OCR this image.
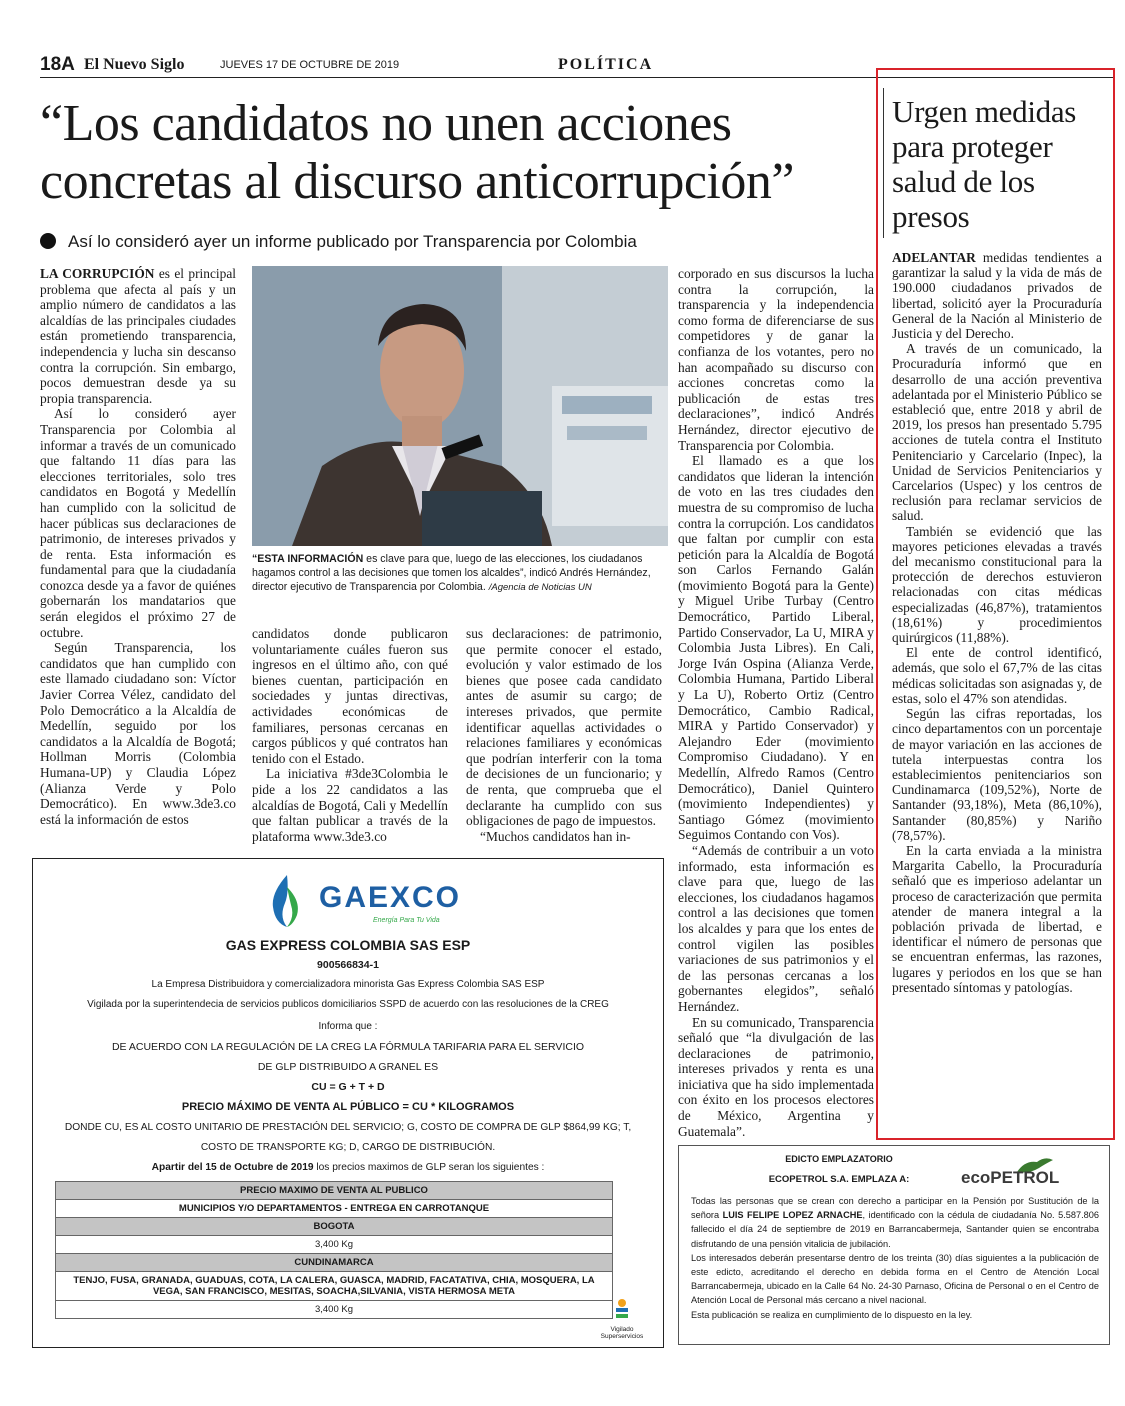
18A El Nuevo Siglo	JUEVES 17 DE OCTUBRE DE 2019	POLÍTICA
“Los candidatos no unen acciones concretas al discurso anticorrupción”
Así lo consideró ayer un informe publicado por Transparencia por Colombia

LA CORRUPCIÓN es el principal problema que afecta al país y un amplio número de candidatos a las alcaldías de las principales ciudades están prometiendo transparencia, independencia y lucha sin descanso contra la corrupción. Sin embargo, pocos demuestran desde ya su propia transparencia.

Así lo consideró ayer Transparencia por Colombia al informar a través de un comunicado que faltando 11 días para las elecciones territoriales, solo tres candidatos en Bogotá y Medellín han cumplido con la solicitud de hacer públicas sus declaraciones de patrimonio, de intereses privados y de renta. Esta información es fundamental para que la ciudadanía conozca desde ya a favor de quiénes gobernarán los mandatarios que serán elegidos el próximo 27 de octubre.

Según Transparencia, los candidatos que han cumplido con este llamado ciudadano son: Víctor Javier Correa Vélez, candidato del Polo Democrático a la Alcaldía de Medellín, seguido por los candidatos a la Alcaldía de Bogotá; Hollman Morris (Colombia Humana-UP) y Claudia López (Alianza Verde y Polo Democrático). En www.3de3.co está la información de estos

“ESTA INFORMACIÓN es clave para que, luego de las elecciones, los ciudadanos hagamos control a las decisiones que tomen los alcaldes”, indicó Andrés Hernández, director ejecutivo de Transparencia por Colombia. /Agencia de Noticias UN

candidatos donde publicaron voluntariamente cuáles fueron sus ingresos en el último año, con qué bienes cuentan, participación en sociedades y juntas directivas, actividades económicas de familiares, personas cercanas en cargos públicos y qué contratos han tenido con el Estado.

La iniciativa #3de3Colombia le pide a los 22 candidatos a las alcaldías de Bogotá, Cali y Medellín que faltan publicar a través de la plataforma www.3de3.co

sus declaraciones: de patrimonio, que permite conocer el estado, evolución y valor estimado de los bienes que posee cada candidato antes de asumir su cargo; de intereses privados, que permite identificar aquellas actividades o relaciones familiares y económicas que podrían interferir con la toma de decisiones de un funcionario; y de renta, que comprueba que el declarante ha cumplido con sus obligaciones de pago de impuestos.

“Muchos candidatos han in-

corporado en sus discursos la lucha contra la corrupción, la transparencia y la independencia como forma de diferenciarse de sus competidores y de ganar la confianza de los votantes, pero no han acompañado su discurso con acciones concretas como la publicación de estas tres declaraciones”, indicó Andrés Hernández, director ejecutivo de Transparencia por Colombia.

El llamado es a que los candidatos que lideran la intención de voto en las tres ciudades den muestra de su compromiso de lucha contra la corrupción. Los candidatos que faltan por cumplir con esta petición para la Alcaldía de Bogotá son Carlos Fernando Galán (movimiento Bogotá para la Gente) y Miguel Uribe Turbay (Centro Democrático, Partido Liberal, Partido Conservador, La U, MIRA y Colombia Justa Libres). En Cali, Jorge Iván Ospina (Alianza Verde, Colombia Humana, Partido Liberal y La U), Roberto Ortiz (Centro Democrático, Cambio Radical, MIRA y Partido Conservador) y Alejandro Eder (movimiento Compromiso Ciudadano). Y en Medellín, Alfredo Ramos (Centro Democrático), Daniel Quintero (movimiento Independientes) y Santiago Gómez (movimiento Seguimos Contando con Vos).

“Además de contribuir a un voto informado, esta información es clave para que, luego de las elecciones, los ciudadanos hagamos control a las decisiones que tomen los alcaldes y para que los entes de control vigilen las posibles variaciones de sus patrimonios y el de las personas cercanas a los gobernantes elegidos”, señaló Hernández.

En su comunicado, Transparencia señaló que “la divulgación de las declaraciones de patrimonio, intereses privados y renta es una iniciativa que ha sido implementada con éxito en los procesos electores de México, Argentina y Guatemala”.

Urgen medidas para proteger salud de los presos

ADELANTAR medidas tendientes a garantizar la salud y la vida de más de 190.000 ciudadanos privados de libertad, solicitó ayer la Procuraduría General de la Nación al Ministerio de Justicia y del Derecho.

A través de un comunicado, la Procuraduría informó que en desarrollo de una acción preventiva adelantada por el Ministerio Público se estableció que, entre 2018 y abril de 2019, los presos han presentado 5.795 acciones de tutela contra el Instituto Penitenciario y Carcelario (Inpec), la Unidad de Servicios Penitenciarios y Carcelarios (Uspec) y los centros de reclusión para reclamar servicios de salud.

También se evidenció que las mayores peticiones elevadas a través del mecanismo constitucional para la protección de derechos estuvieron relacionadas con citas médicas especializadas (46,87%), tratamientos (18,61%) y procedimientos quirúrgicos (11,88%).

El ente de control identificó, además, que solo el 67,7% de las citas médicas solicitadas son asignadas y, de estas, solo el 47% son atendidas.

Según las cifras reportadas, los cinco departamentos con un porcentaje de mayor variación en las acciones de tutela interpuestas contra los establecimientos penitenciarios son Cundinamarca (109,52%), Norte de Santander (93,18%), Meta (86,10%), Santander (80,85%) y Nariño (78,57%).

En la carta enviada a la ministra Margarita Cabello, la Procuraduría señaló que es imperioso adelantar un proceso de caracterización que permita atender de manera integral a la población privada de libertad, e identificar el número de personas que se encuentran enfermas, las razones, lugares y periodos en los que se han presentado síntomas y patologías.

GAEXCO
Energía Para Tu Vida
GAS EXPRESS COLOMBIA SAS ESP
900566834-1
La Empresa Distribuidora y comercializadora minorista Gas Express Colombia SAS ESP
Vigilada por la superintendecia de servicios publicos domiciliarios SSPD de acuerdo con las resoluciones de la CREG
Informa que :
DE ACUERDO CON LA REGULACIÓN DE LA CREG LA FÓRMULA TARIFARIA PARA EL SERVICIO
DE GLP DISTRIBUIDO A GRANEL ES
CU = G + T + D
PRECIO MÁXIMO DE VENTA AL PÚBLICO = CU * KILOGRAMOS
DONDE CU, ES AL COSTO UNITARIO DE PRESTACIÓN DEL SERVICIO; G, COSTO DE COMPRA DE GLP $864,99 KG; T,
COSTO DE TRANSPORTE KG; D, CARGO DE DISTRIBUCIÓN.
Apartir del 15 de Octubre de 2019 los precios maximos de GLP seran los siguientes :
PRECIO MAXIMO DE VENTA AL PUBLICO
MUNICIPIOS Y/O DEPARTAMENTOS - ENTREGA EN CARROTANQUE
BOGOTA
3,400 Kg
CUNDINAMARCA
TENJO, FUSA, GRANADA, GUADUAS, COTA, LA CALERA, GUASCA, MADRID, FACATATIVA, CHIA, MOSQUERA, LA VEGA, SAN FRANCISCO, MESITAS, SOACHA,SILVANIA, VISTA HERMOSA META
3,400 Kg
Vigilado Superservicios
EDICTO EMPLAZATORIO
ECOPETROL S.A. EMPLAZA A:	ecoPETROL

Todas las personas que se crean con derecho a participar en la Pensión por Sustitución de la señora LUIS FELIPE LOPEZ ARNACHE, identificado con la cédula de ciudadanía No. 5.587.806 fallecido el día 24 de septiembre de 2019 en Barrancabermeja, Santander quien se encontraba disfrutando de una pensión vitalicia de jubilación.

Los interesados deberán presentarse dentro de los treinta (30) días siguientes a la publicación de este edicto, acreditando el derecho en debida forma en el Centro de Atención Local Barrancabermeja, ubicado en la Calle 64 No. 24-30 Parnaso, Oficina de Personal o en el Centro de Atención Local de Personal más cercano a nivel nacional.

Esta publicación se realiza en cumplimiento de lo dispuesto en la ley.
